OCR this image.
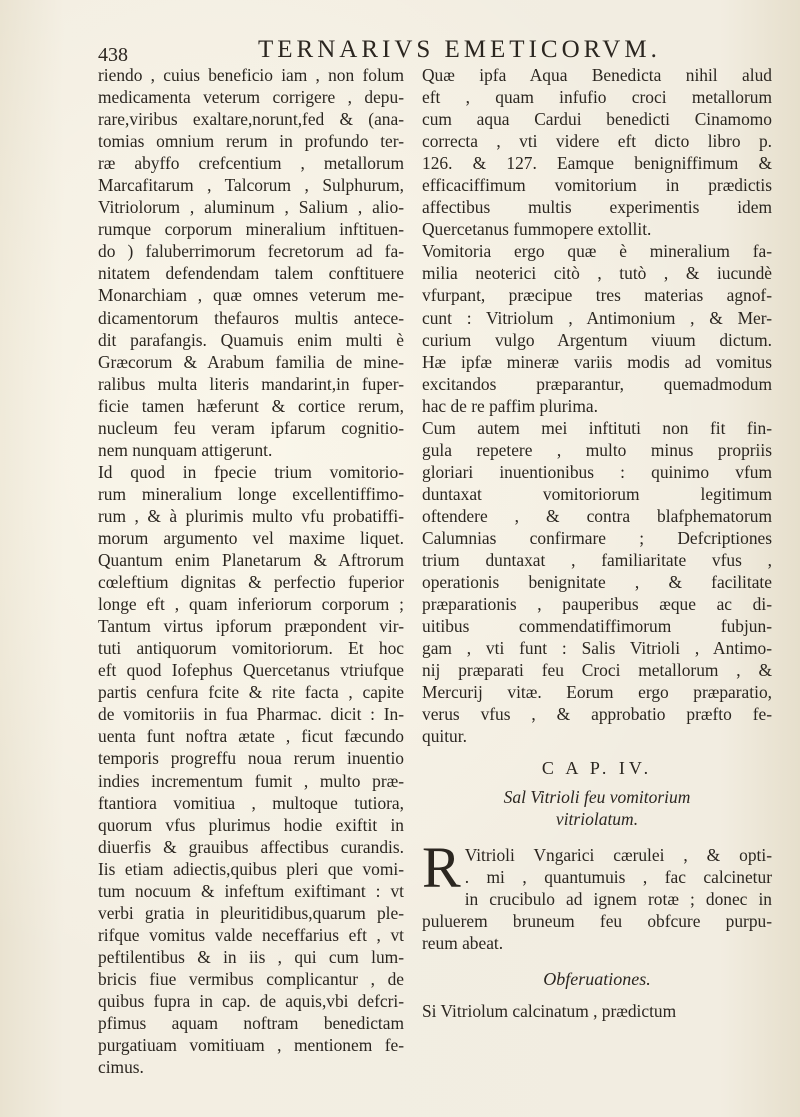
438	TERNARIVS EMETICORVM.
riendo , cuius beneficio iam , non folum
medicamenta veterum corrigere , depu-
rare,viribus exaltare,norunt,fed & (ana-
tomias omnium rerum in profundo ter-
ræ abyffo crefcentium , metallorum
Marcafitarum , Talcorum , Sulphurum,
Vitriolorum , aluminum , Salium , alio-
rumque corporum mineralium inftituen-
do ) faluberrimorum fecretorum ad fa-
nitatem defendendam talem conftituere
Monarchiam , quæ omnes veterum me-
dicamentorum thefauros multis antece-
dit parafangis. Quamuis enim multi è
Græcorum & Arabum familia de mine-
ralibus multa literis mandarint,in fuper-
ficie tamen hæferunt & cortice rerum,
nucleum feu veram ipfarum cognitio-
nem nunquam attigerunt.
Id quod in fpecie trium vomitorio-
rum mineralium longe excellentiffimo-
rum , & à plurimis multo vfu probatiffi-
morum argumento vel maxime liquet.
Quantum enim Planetarum & Aftrorum
cœleftium dignitas & perfectio fuperior
longe eft , quam inferiorum corporum ;
Tantum virtus ipforum præpondent vir-
tuti antiquorum vomitoriorum. Et hoc
eft quod Iofephus Quercetanus vtriufque
partis cenfura fcite & rite facta , capite
de vomitoriis in fua Pharmac. dicit : In-
uenta funt noftra ætate , ficut fæcundo
temporis progreffu noua rerum inuentio
indies incrementum fumit , multo præ-
ftantiora vomitiua , multoque tutiora,
quorum vfus plurimus hodie exiftit in
diuerfis & grauibus affectibus curandis.
Iis etiam adiectis,quibus pleri que vomi-
tum nocuum & infeftum exiftimant : vt
verbi gratia in pleuritidibus,quarum ple-
rifque vomitus valde neceffarius eft , vt
peftilentibus & in iis , qui cum lum-
bricis fiue vermibus complicantur , de
quibus fupra in cap. de aquis,vbi defcri-
pfimus aquam noftram benedictam
purgatiuam vomitiuam , mentionem fe-
cimus.
Quæ ipfa Aqua Benedicta nihil alud
eft , quam infufio croci metallorum
cum aqua Cardui benedicti Cinamomo
correcta , vti videre eft dicto libro p.
126. & 127. Eamque benigniffimum &
efficaciffimum vomitorium in prædictis
affectibus multis experimentis idem
Quercetanus fummopere extollit.
Vomitoria ergo quæ è mineralium fa-
milia neoterici citò , tutò , & iucundè
vfurpant, præcipue tres materias agnof-
cunt : Vitriolum , Antimonium , & Mer-
curium vulgo Argentum viuum dictum.
Hæ ipfæ mineræ variis modis ad vomitus
excitandos præparantur, quemadmodum
hac de re paffim plurima.
Cum autem mei inftituti non fit fin-
gula repetere , multo minus propriis
gloriari inuentionibus : quinimo vfum
duntaxat vomitoriorum legitimum
oftendere , & contra blafphematorum
Calumnias confirmare ; Defcriptiones
trium duntaxat , familiaritate vfus ,
operationis benignitate , & facilitate
præparationis , pauperibus æque ac di-
uitibus commendatiffimorum fubjun-
gam , vti funt : Salis Vitrioli , Antimo-
nij præparati feu Croci metallorum , &
Mercurij vitæ. Eorum ergo præparatio,
verus vfus , & approbatio præfto fe-
quitur.
C A P. IV.
Sal Vitrioli feu vomitorium
vitriolatum.
R Vitrioli Vngarici cærulei , & opti-
. mi , quantumuis , fac calcinetur
in crucibulo ad ignem rotæ ; donec in
puluerem bruneum feu obfcure purpu-
reum abeat.
Obferuationes.
Si Vitriolum calcinatum , prædictum
